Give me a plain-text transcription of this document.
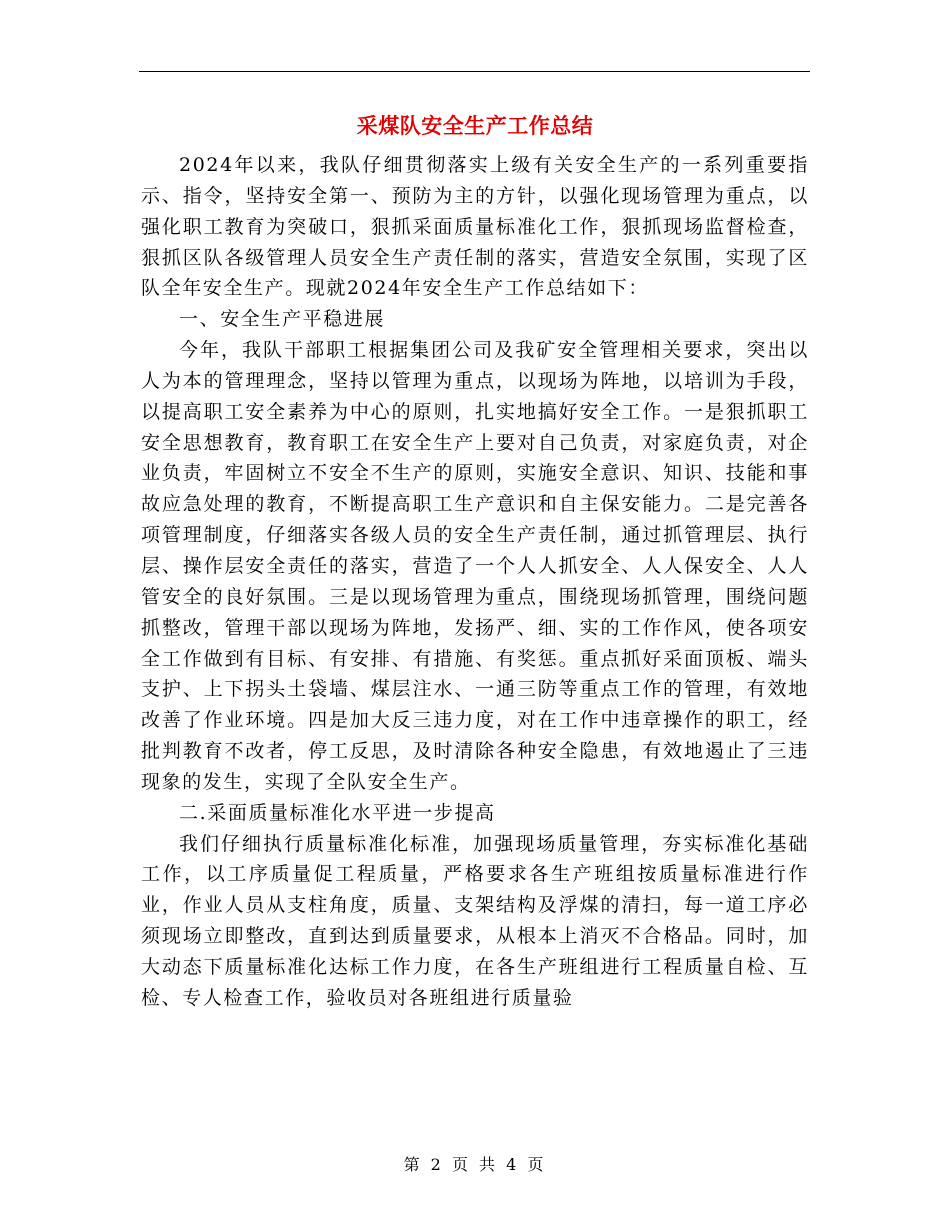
采煤队安全生产工作总结

2024年以来，我队仔细贯彻落实上级有关安全生产的一系列重要指示、指令，坚持安全第一、预防为主的方针，以强化现场管理为重点，以强化职工教育为突破口，狠抓采面质量标准化工作，狠抓现场监督检查，狠抓区队各级管理人员安全生产责任制的落实，营造安全氛围，实现了区队全年安全生产。现就2024年安全生产工作总结如下：

一、安全生产平稳进展

今年，我队干部职工根据集团公司及我矿安全管理相关要求，突出以人为本的管理理念，坚持以管理为重点，以现场为阵地，以培训为手段，以提高职工安全素养为中心的原则，扎实地搞好安全工作。一是狠抓职工安全思想教育，教育职工在安全生产上要对自己负责，对家庭负责，对企业负责，牢固树立不安全不生产的原则，实施安全意识、知识、技能和事故应急处理的教育，不断提高职工生产意识和自主保安能力。二是完善各项管理制度，仔细落实各级人员的安全生产责任制，通过抓管理层、执行层、操作层安全责任的落实，营造了一个人人抓安全、人人保安全、人人管安全的良好氛围。三是以现场管理为重点，围绕现场抓管理，围绕问题抓整改，管理干部以现场为阵地，发扬严、细、实的工作作风，使各项安全工作做到有目标、有安排、有措施、有奖惩。重点抓好采面顶板、端头支护、上下拐头土袋墙、煤层注水、一通三防等重点工作的管理，有效地改善了作业环境。四是加大反三违力度，对在工作中违章操作的职工，经批判教育不改者，停工反思，及时清除各种安全隐患，有效地遏止了三违现象的发生，实现了全队安全生产。

二.采面质量标准化水平进一步提高

我们仔细执行质量标准化标准，加强现场质量管理，夯实标准化基础工作，以工序质量促工程质量，严格要求各生产班组按质量标准进行作业，作业人员从支柱角度，质量、支架结构及浮煤的清扫，每一道工序必须现场立即整改，直到达到质量要求，从根本上消灭不合格品。同时，加大动态下质量标准化达标工作力度，在各生产班组进行工程质量自检、互检、专人检查工作，验收员对各班组进行质量验

第 2 页 共 4 页
